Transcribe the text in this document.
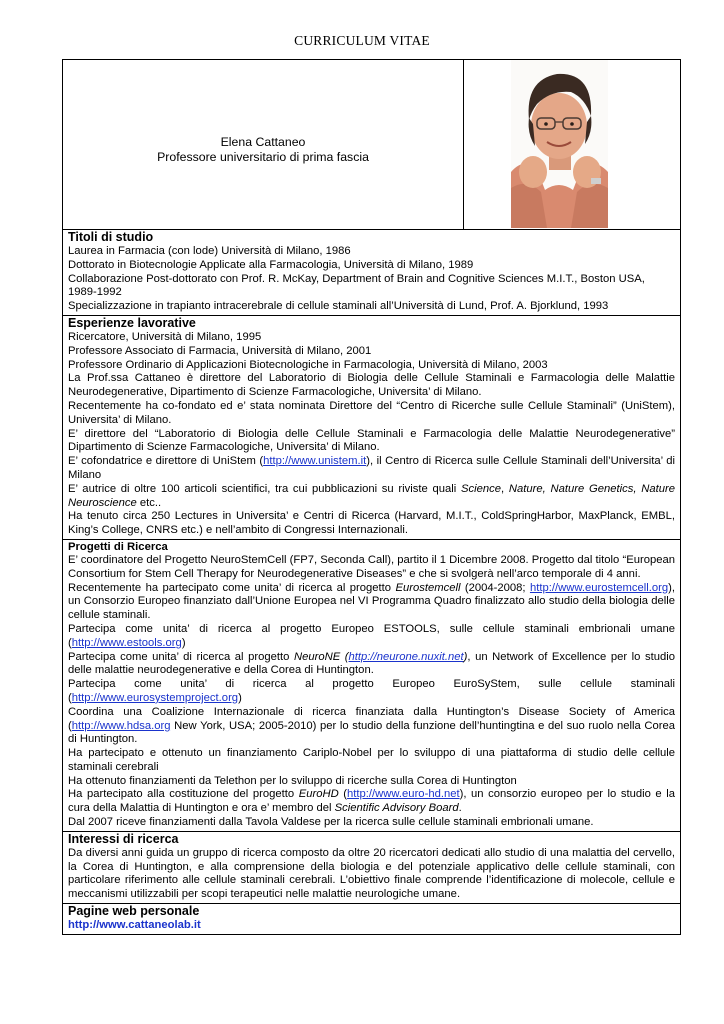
CURRICULUM VITAE
Elena Cattaneo
Professore universitario di prima fascia
Titoli di studio
Laurea in Farmacia (con lode) Università di Milano, 1986
Dottorato in Biotecnologie Applicate alla Farmacologia, Università di Milano, 1989
Collaborazione Post-dottorato con Prof. R. McKay, Department of Brain and Cognitive Sciences M.I.T., Boston USA, 1989-1992
Specializzazione in trapianto intracerebrale di cellule staminali all’Università di Lund, Prof. A. Bjorklund, 1993
Esperienze lavorative
Ricercatore, Università di Milano, 1995
Professore Associato di Farmacia, Università di Milano, 2001
Professore Ordinario di Applicazioni Biotecnologiche in Farmacologia, Università di Milano, 2003
La Prof.ssa Cattaneo è direttore del Laboratorio di Biologia delle Cellule Staminali e Farmacologia delle Malattie Neurodegenerative, Dipartimento di Scienze Farmacologiche, Universita’ di Milano.
Recentemente ha co-fondato ed e’ stata nominata Direttore del “Centro di Ricerche sulle Cellule Staminali” (UniStem), Universita’ di Milano.
E’ direttore del “Laboratorio di Biologia delle Cellule Staminali e Farmacologia delle Malattie Neurodegenerative” Dipartimento di Scienze Farmacologiche, Universita’ di Milano.
E’ cofondatrice e direttore di UniStem (http://www.unistem.it), il Centro di Ricerca sulle Cellule Staminali dell’Universita’ di Milano
E’ autrice di oltre 100 articoli scientifici, tra cui pubblicazioni su riviste quali Science, Nature, Nature Genetics, Nature Neuroscience etc..
Ha tenuto circa 250 Lectures in Universita’ e Centri di Ricerca (Harvard, M.I.T., ColdSpringHarbor, MaxPlanck, EMBL, King’s College, CNRS etc.) e nell’ambito di Congressi Internazionali.
Progetti di Ricerca
E’ coordinatore del Progetto NeuroStemCell (FP7, Seconda Call), partito il 1 Dicembre 2008. Progetto dal titolo “European Consortium for Stem Cell Therapy for Neurodegenerative Diseases” e che si svolgerà nell’arco temporale di 4 anni.
Recentemente ha partecipato come unita’ di ricerca al progetto Eurostemcell (2004-2008; http://www.eurostemcell.org), un Consorzio Europeo finanziato dall’Unione Europea nel VI Programma Quadro finalizzato allo studio della biologia delle cellule staminali.
Partecipa come unita’ di ricerca al progetto Europeo ESTOOLS, sulle cellule staminali embrionali umane (http://www.estools.org)
Partecipa come unita’ di ricerca al progetto NeuroNE (http://neurone.nuxit.net), un Network of Excellence per lo studio delle malattie neurodegenerative e della Corea di Huntington.
Partecipa come unita’ di ricerca al progetto Europeo EuroSyStem, sulle cellule staminali (http://www.eurosystemproject.org)
Coordina una Coalizione Internazionale di ricerca finanziata dalla Huntington’s Disease Society of America (http://www.hdsa.org New York, USA; 2005-2010) per lo studio della funzione dell’huntingtina e del suo ruolo nella Corea di Huntington.
Ha partecipato e ottenuto un finanziamento Cariplo-Nobel per lo sviluppo di una piattaforma di studio delle cellule staminali cerebrali
Ha ottenuto finanziamenti da Telethon per lo sviluppo di ricerche sulla Corea di Huntington
Ha partecipato alla costituzione del progetto EuroHD (http://www.euro-hd.net), un consorzio europeo per lo studio e la cura della Malattia di Huntington e ora e’ membro del Scientific Advisory Board.
Dal 2007 riceve finanziamenti dalla Tavola Valdese per la ricerca sulle cellule staminali embrionali umane.
Interessi di ricerca
Da diversi anni guida un gruppo di ricerca composto da oltre 20 ricercatori dedicati allo studio di una malattia del cervello, la Corea di Huntington, e alla comprensione della biologia e del potenziale applicativo delle cellule staminali, con particolare riferimento alle cellule staminali cerebrali. L’obiettivo finale comprende l’identificazione di molecole, cellule e meccanismi utilizzabili per scopi terapeutici nelle malattie neurologiche umane.
Pagine web personale
http://www.cattaneolab.it
